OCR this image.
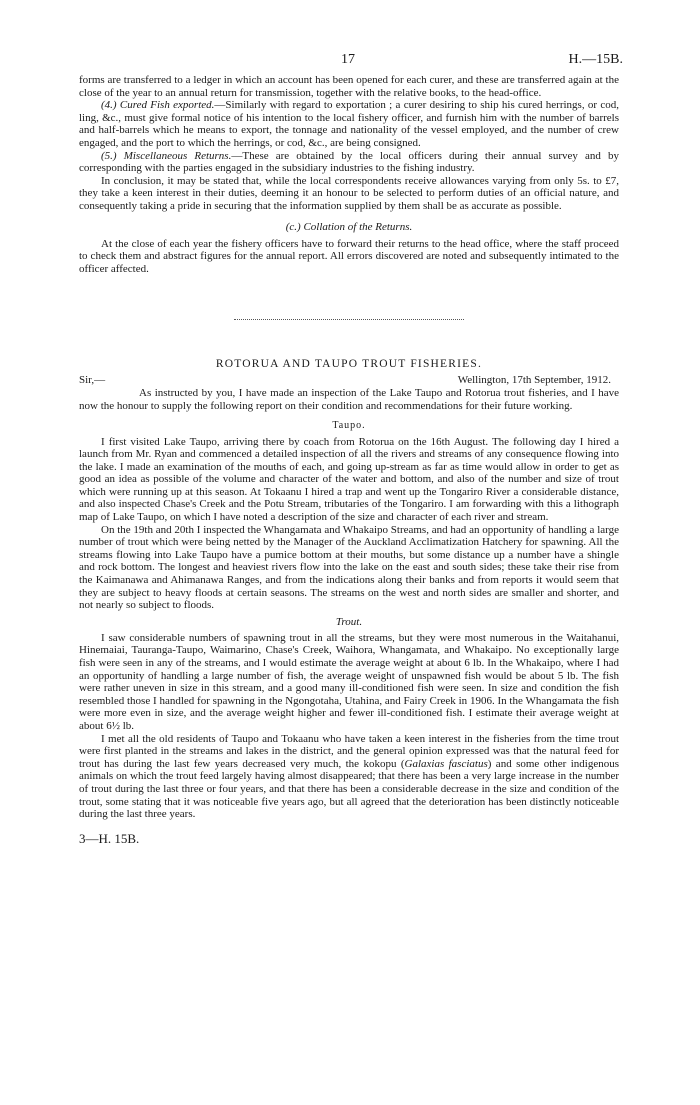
17	H.—15B.

forms are transferred to a ledger in which an account has been opened for each curer, and these are transferred again at the close of the year to an annual return for transmission, together with the relative books, to the head-office.

(4.) Cured Fish exported.—Similarly with regard to exportation ; a curer desiring to ship his cured herrings, or cod, ling, &c., must give formal notice of his intention to the local fishery officer, and furnish him with the number of barrels and half-barrels which he means to export, the tonnage and nationality of the vessel employed, and the number of crew engaged, and the port to which the herrings, or cod, &c., are being consigned.

(5.) Miscellaneous Returns.—These are obtained by the local officers during their annual survey and by corresponding with the parties engaged in the subsidiary industries to the fishing industry.

In conclusion, it may be stated that, while the local correspondents receive allowances varying from only 5s. to £7, they take a keen interest in their duties, deeming it an honour to be selected to perform duties of an official nature, and consequently taking a pride in securing that the information supplied by them shall be as accurate as possible.

(c.) Collation of the Returns.

At the close of each year the fishery officers have to forward their returns to the head office, where the staff proceed to check them and abstract figures for the annual report. All errors discovered are noted and subsequently intimated to the officer affected.

ROTORUA AND TAUPO TROUT FISHERIES.
Sir,—	Wellington, 17th September, 1912.

As instructed by you, I have made an inspection of the Lake Taupo and Rotorua trout fisheries, and I have now the honour to supply the following report on their condition and recommendations for their future working.

Taupo.

I first visited Lake Taupo, arriving there by coach from Rotorua on the 16th August. The following day I hired a launch from Mr. Ryan and commenced a detailed inspection of all the rivers and streams of any consequence flowing into the lake. I made an examination of the mouths of each, and going up-stream as far as time would allow in order to get as good an idea as possible of the volume and character of the water and bottom, and also of the number and size of trout which were running up at this season. At Tokaanu I hired a trap and went up the Tongariro River a considerable distance, and also inspected Chase's Creek and the Potu Stream, tributaries of the Tongariro. I am forwarding with this a lithograph map of Lake Taupo, on which I have noted a description of the size and character of each river and stream.

On the 19th and 20th I inspected the Whangamata and Whakaipo Streams, and had an opportunity of handling a large number of trout which were being netted by the Manager of the Auckland Acclimatization Hatchery for spawning. All the streams flowing into Lake Taupo have a pumice bottom at their mouths, but some distance up a number have a shingle and rock bottom. The longest and heaviest rivers flow into the lake on the east and south sides; these take their rise from the Kaimanawa and Ahimanawa Ranges, and from the indications along their banks and from reports it would seem that they are subject to heavy floods at certain seasons. The streams on the west and north sides are smaller and shorter, and not nearly so subject to floods.

Trout.

I saw considerable numbers of spawning trout in all the streams, but they were most numerous in the Waitahanui, Hinemaiai, Tauranga-Taupo, Waimarino, Chase's Creek, Waihora, Whangamata, and Whakaipo. No exceptionally large fish were seen in any of the streams, and I would estimate the average weight at about 6 lb. In the Whakaipo, where I had an opportunity of handling a large number of fish, the average weight of unspawned fish would be about 5 lb. The fish were rather uneven in size in this stream, and a good many ill-conditioned fish were seen. In size and condition the fish resembled those I handled for spawning in the Ngongotaha, Utahina, and Fairy Creek in 1906. In the Whangamata the fish were more even in size, and the average weight higher and fewer ill-conditioned fish. I estimate their average weight at about 6½ lb.

I met all the old residents of Taupo and Tokaanu who have taken a keen interest in the fisheries from the time trout were first planted in the streams and lakes in the district, and the general opinion expressed was that the natural feed for trout has during the last few years decreased very much, the kokopu (Galaxias fasciatus) and some other indigenous animals on which the trout feed largely having almost disappeared; that there has been a very large increase in the number of trout during the last three or four years, and that there has been a considerable decrease in the size and condition of the trout, some stating that it was noticeable five years ago, but all agreed that the deterioration has been distinctly noticeable during the last three years.

3—H. 15B.
